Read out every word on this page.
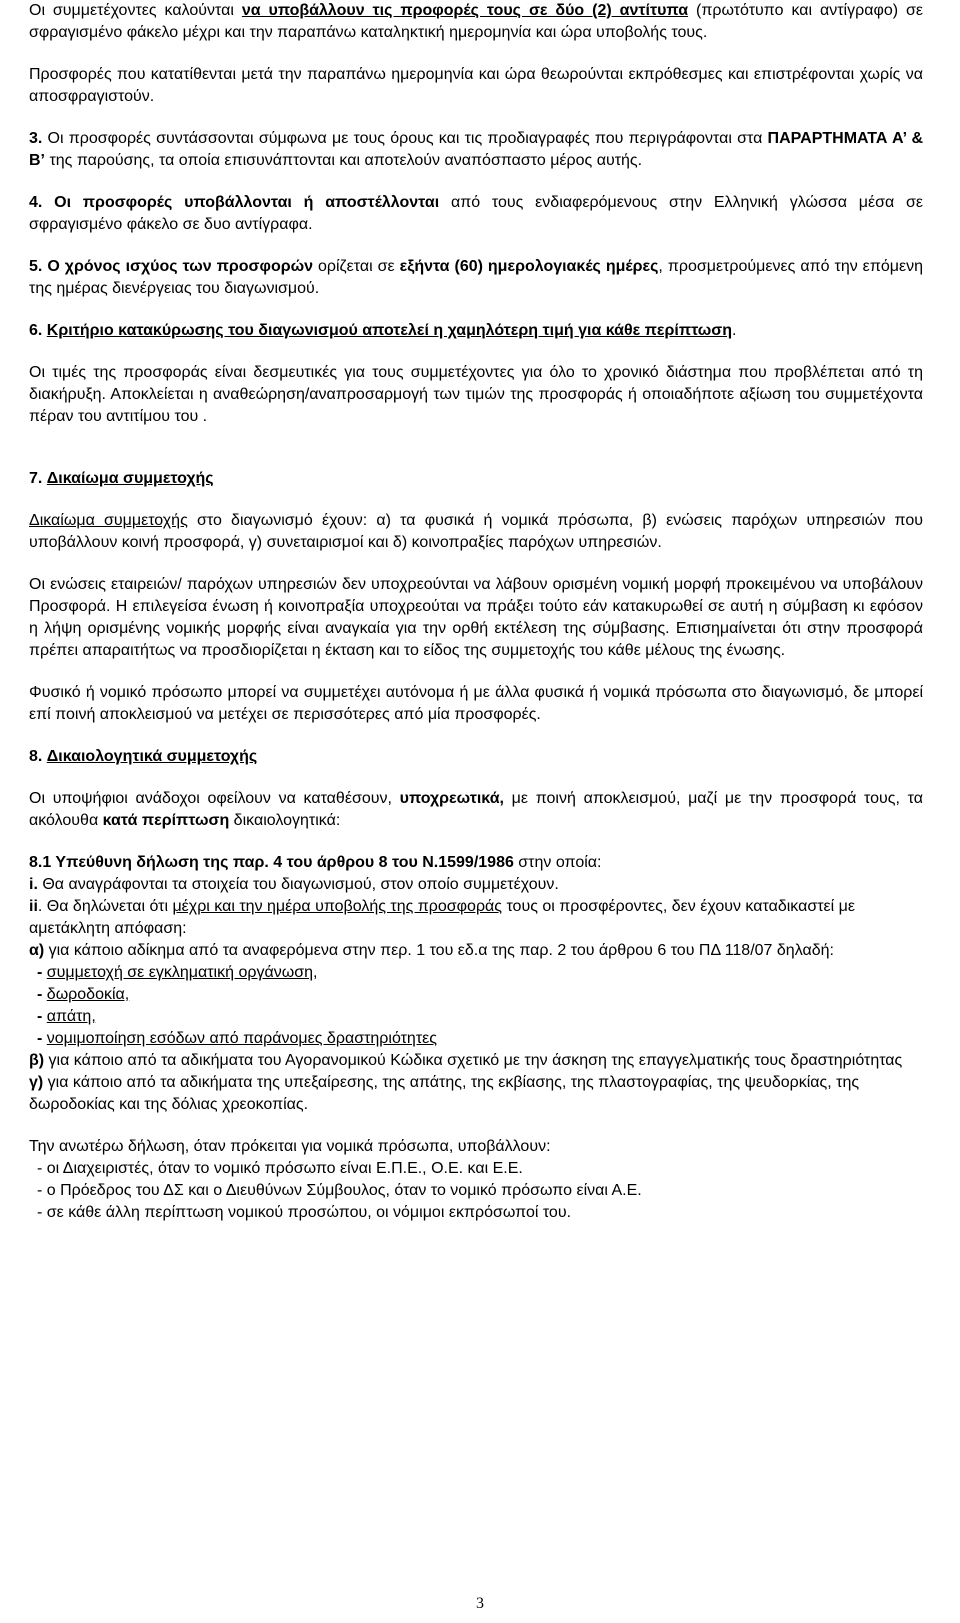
Οι συμμετέχοντες καλούνται να υποβάλλουν τις προφορές τους σε δύο (2) αντίτυπα (πρωτότυπο και αντίγραφο) σε σφραγισμένο φάκελο μέχρι και την παραπάνω καταληκτική ημερομηνία και ώρα υποβολής τους.

Προσφορές που κατατίθενται μετά την παραπάνω ημερομηνία και ώρα θεωρούνται εκπρόθεσμες και επιστρέφονται χωρίς να αποσφραγιστούν.

3. Οι προσφορές συντάσσονται σύμφωνα με τους όρους και τις προδιαγραφές που περιγράφονται στα ΠΑΡΑΡΤΗΜΑΤΑ Α’ & Β’ της παρούσης, τα οποία επισυνάπτονται και αποτελούν αναπόσπαστο μέρος αυτής.

4. Οι προσφορές υποβάλλονται ή αποστέλλονται από τους ενδιαφερόμενους στην Ελληνική γλώσσα μέσα σε σφραγισμένο φάκελο σε δυο αντίγραφα.

5. Ο χρόνος ισχύος των προσφορών ορίζεται σε εξήντα (60) ημερολογιακές ημέρες, προσμετρούμενες από την επόμενη της ημέρας διενέργειας του διαγωνισμού.

6. Κριτήριο κατακύρωσης του διαγωνισμού αποτελεί η χαμηλότερη τιμή για κάθε περίπτωση.

Οι τιμές της προσφοράς είναι δεσμευτικές για τους συμμετέχοντες για όλο το χρονικό διάστημα που προβλέπεται από τη διακήρυξη. Αποκλείεται η αναθεώρηση/αναπροσαρμογή των τιμών της προσφοράς ή οποιαδήποτε αξίωση του συμμετέχοντα πέραν του αντιτίμου του .

7. Δικαίωμα συμμετοχής

Δικαίωμα συμμετοχής στο διαγωνισμό έχουν: α) τα φυσικά ή νομικά πρόσωπα, β) ενώσεις παρόχων υπηρεσιών που υποβάλλουν κοινή προσφορά, γ) συνεταιρισμοί και δ) κοινοπραξίες παρόχων υπηρεσιών.

Οι ενώσεις εταιρειών/ παρόχων υπηρεσιών δεν υποχρεούνται να λάβουν ορισμένη νομική μορφή προκειμένου να υποβάλουν Προσφορά. Η επιλεγείσα ένωση ή κοινοπραξία υποχρεούται να πράξει τούτο εάν κατακυρωθεί σε αυτή η σύμβαση κι εφόσον η λήψη ορισμένης νομικής μορφής είναι αναγκαία για την ορθή εκτέλεση της σύμβασης. Επισημαίνεται ότι στην προσφορά πρέπει απαραιτήτως να προσδιορίζεται η έκταση και το είδος της συμμετοχής του κάθε μέλους της ένωσης.

Φυσικό ή νομικό πρόσωπο μπορεί να συμμετέχει αυτόνομα ή με άλλα φυσικά ή νομικά πρόσωπα στο διαγωνισμό, δε μπορεί επί ποινή αποκλεισμού να μετέχει σε περισσότερες από μία προσφορές.

8. Δικαιολογητικά συμμετοχής

Οι υποψήφιοι ανάδοχοι οφείλουν να καταθέσουν, υποχρεωτικά, με ποινή αποκλεισμού, μαζί με την προσφορά τους, τα ακόλουθα κατά περίπτωση δικαιολογητικά:

8.1 Υπεύθυνη δήλωση της παρ. 4 του άρθρου 8 του Ν.1599/1986 στην οποία:
i. Θα αναγράφονται τα στοιχεία του διαγωνισμού, στον οποίο συμμετέχουν.
ii. Θα δηλώνεται ότι μέχρι και την ημέρα υποβολής της προσφοράς τους οι προσφέροντες, δεν έχουν καταδικαστεί με αμετάκλητη απόφαση:
α) για κάποιο αδίκημα από τα αναφερόμενα στην περ. 1 του εδ.α της παρ. 2 του άρθρου 6 του ΠΔ 118/07 δηλαδή:
- συμμετοχή σε εγκληματική οργάνωση,
- δωροδοκία,
- απάτη,
- νομιμοποίηση εσόδων από παράνομες δραστηριότητες
β) για κάποιο από τα αδικήματα του Αγορανομικού Κώδικα σχετικό με την άσκηση της επαγγελματικής τους δραστηριότητας
γ) για κάποιο από τα αδικήματα της υπεξαίρεσης, της απάτης, της εκβίασης, της πλαστογραφίας, της ψευδορκίας, της δωροδοκίας και της δόλιας χρεοκοπίας.
Την ανωτέρω δήλωση, όταν πρόκειται για νομικά πρόσωπα, υποβάλλουν:
- οι Διαχειριστές, όταν το νομικό πρόσωπο είναι Ε.Π.Ε., Ο.Ε. και Ε.Ε.
- ο Πρόεδρος του ΔΣ και ο Διευθύνων Σύμβουλος, όταν το νομικό πρόσωπο είναι Α.Ε.
- σε κάθε άλλη περίπτωση νομικού προσώπου, οι νόμιμοι εκπρόσωποί του.
3
